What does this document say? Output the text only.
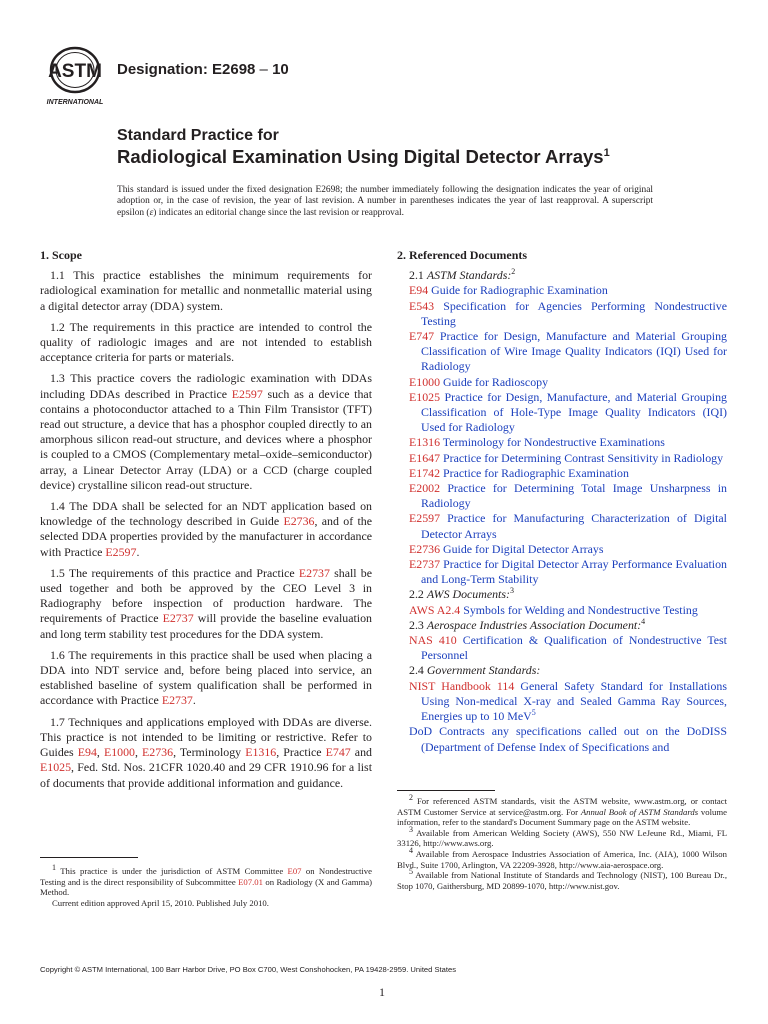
ASTM
INTERNATIONAL
Designation: E2698 – 10
Standard Practice for
Radiological Examination Using Digital Detector Arrays$^1$
This standard is issued under the fixed designation E2698; the number immediately following the designation indicates the year of original adoption or, in the case of revision, the year of last revision. A number in parentheses indicates the year of last reapproval. A superscript epsilon (ε) indicates an editorial change since the last revision or reapproval.
1. Scope

1.1 This practice establishes the minimum requirements for radiological examination for metallic and nonmetallic material using a digital detector array (DDA) system.

1.2 The requirements in this practice are intended to control the quality of radiologic images and are not intended to establish acceptance criteria for parts or materials.

1.3 This practice covers the radiologic examination with DDAs including DDAs described in Practice E2597 such as a device that contains a photoconductor attached to a Thin Film Transistor (TFT) read out structure, a device that has a phosphor coupled directly to an amorphous silicon read-out structure, and devices where a phosphor is coupled to a CMOS (Complementary metal–oxide–semiconductor) array, a Linear Detector Array (LDA) or a CCD (charge coupled device) crystalline silicon read-out structure.

1.4 The DDA shall be selected for an NDT application based on knowledge of the technology described in Guide E2736, and of the selected DDA properties provided by the manufacturer in accordance with Practice E2597.

1.5 The requirements of this practice and Practice E2737 shall be used together and both be approved by the CEO Level 3 in Radiography before inspection of production hardware. The requirements of Practice E2737 will provide the baseline evaluation and long term stability test procedures for the DDA system.

1.6 The requirements in this practice shall be used when placing a DDA into NDT service and, before being placed into service, an established baseline of system qualification shall be performed in accordance with Practice E2737.

1.7 Techniques and applications employed with DDAs are diverse. This practice is not intended to be limiting or restrictive. Refer to Guides E94, E1000, E2736, Terminology E1316, Practice E747 and E1025, Fed. Std. Nos. 21CFR 1020.40 and 29 CFR 1910.96 for a list of documents that provide additional information and guidance.

2. Referenced Documents

2.1 ASTM Standards:$^2$

E94 Guide for Radiographic Examination

E543 Specification for Agencies Performing Nondestructive Testing

E747 Practice for Design, Manufacture and Material Grouping Classification of Wire Image Quality Indicators (IQI) Used for Radiology

E1000 Guide for Radioscopy

E1025 Practice for Design, Manufacture, and Material Grouping Classification of Hole-Type Image Quality Indicators (IQI) Used for Radiology

E1316 Terminology for Nondestructive Examinations

E1647 Practice for Determining Contrast Sensitivity in Radiology

E1742 Practice for Radiographic Examination

E2002 Practice for Determining Total Image Unsharpness in Radiology

E2597 Practice for Manufacturing Characterization of Digital Detector Arrays

E2736 Guide for Digital Detector Arrays

E2737 Practice for Digital Detector Array Performance Evaluation and Long-Term Stability

2.2 AWS Documents:$^3$

AWS A2.4 Symbols for Welding and Nondestructive Testing

2.3 Aerospace Industries Association Document:$^4$

NAS 410 Certification & Qualification of Nondestructive Test Personnel

2.4 Government Standards:

NIST Handbook 114 General Safety Standard for Installations Using Non-medical X-ray and Sealed Gamma Ray Sources, Energies up to 10 MeV$^5$

DoD Contracts any specifications called out on the DoDISS (Department of Defense Index of Specifications and

$^1$ This practice is under the jurisdiction of ASTM Committee E07 on Nondestructive Testing and is the direct responsibility of Subcommittee E07.01 on Radiology (X and Gamma) Method.

Current edition approved April 15, 2010. Published July 2010.

$^2$ For referenced ASTM standards, visit the ASTM website, www.astm.org, or contact ASTM Customer Service at service@astm.org. For Annual Book of ASTM Standards volume information, refer to the standard's Document Summary page on the ASTM website.

$^3$ Available from American Welding Society (AWS), 550 NW LeJeune Rd., Miami, FL 33126, http://www.aws.org.

$^4$ Available from Aerospace Industries Association of America, Inc. (AIA), 1000 Wilson Blvd., Suite 1700, Arlington, VA 22209-3928, http://www.aia-aerospace.org.

$^5$ Available from National Institute of Standards and Technology (NIST), 100 Bureau Dr., Stop 1070, Gaithersburg, MD 20899-1070, http://www.nist.gov.

Copyright © ASTM International, 100 Barr Harbor Drive, PO Box C700, West Conshohocken, PA 19428-2959. United States
1
